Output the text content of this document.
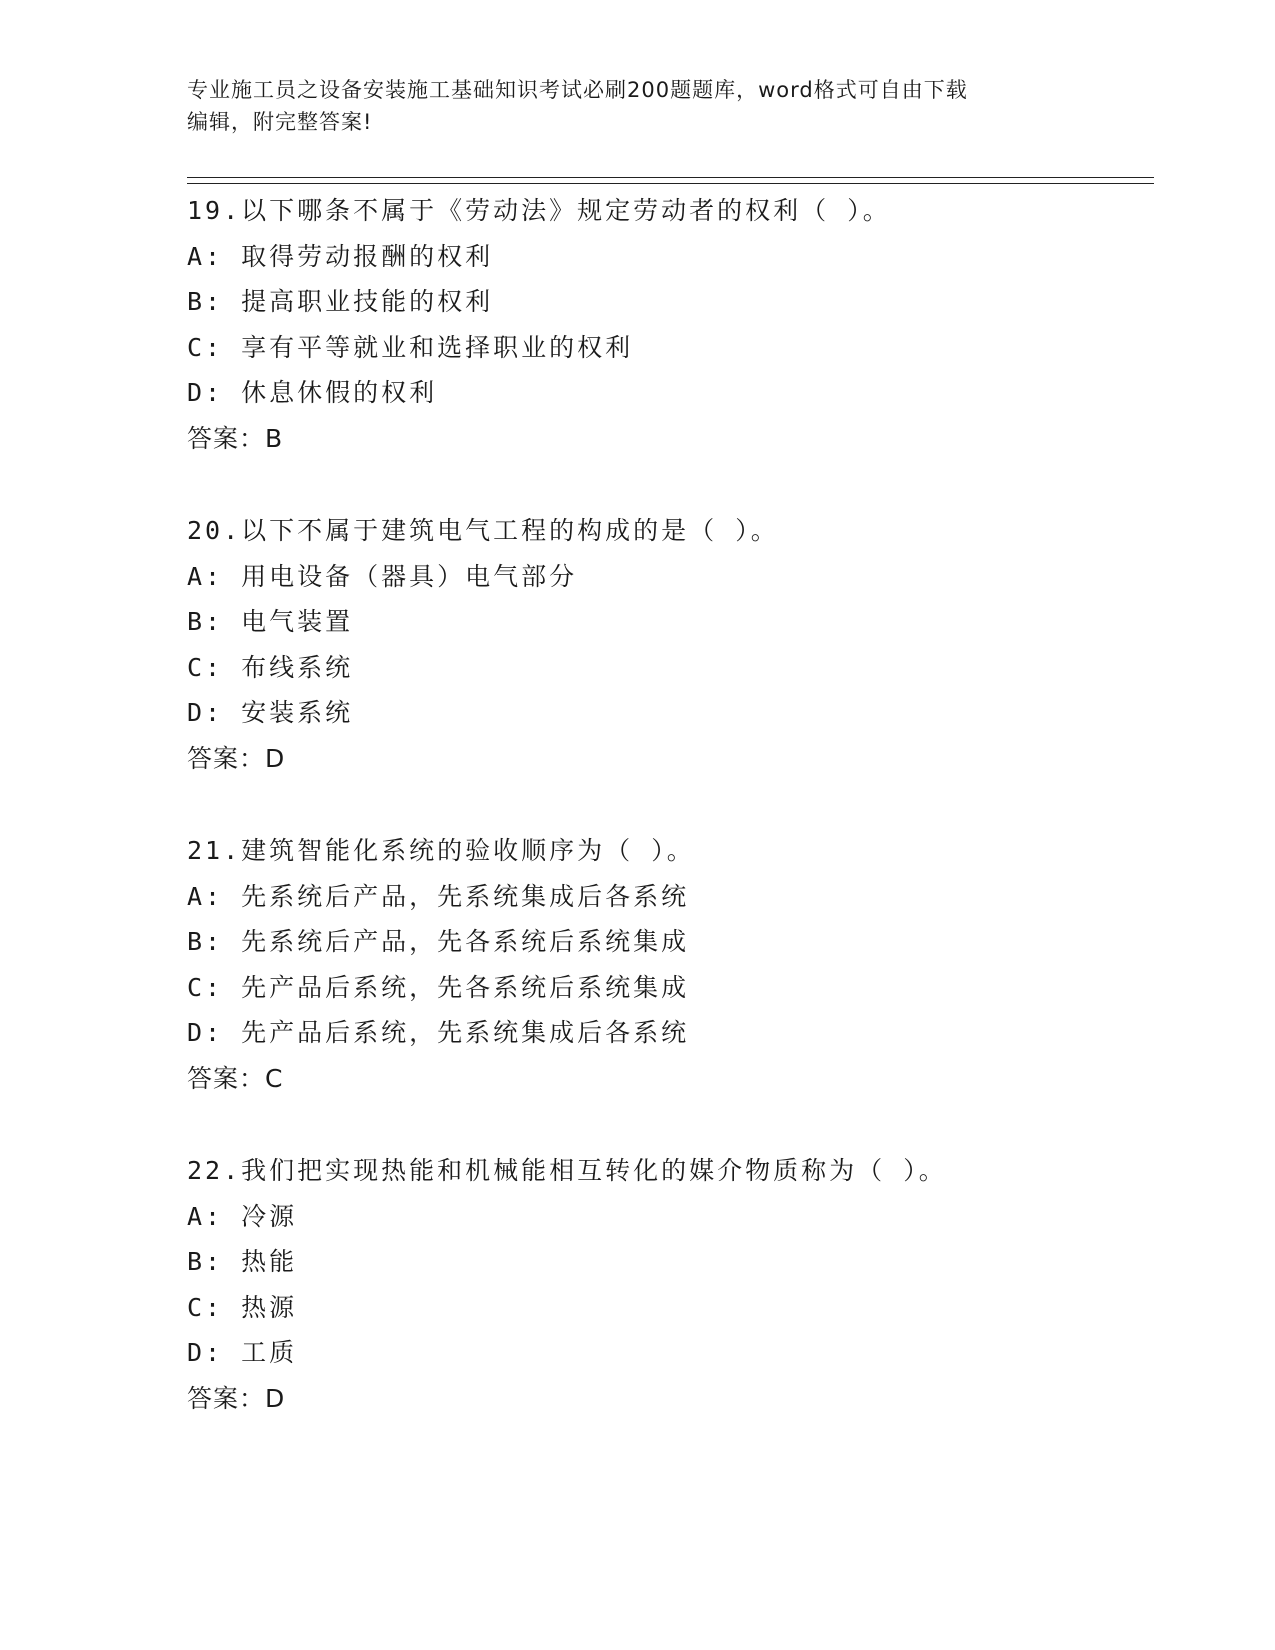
专业施工员之设备安装施工基础知识考试必刷200题题库，word格式可自由下载
编辑，附完整答案!
19.以下哪条不属于《劳动法》规定劳动者的权利（ ）。
A: 取得劳动报酬的权利
B: 提高职业技能的权利
C: 享有平等就业和选择职业的权利
D: 休息休假的权利
答案：B
20.以下不属于建筑电气工程的构成的是（ ）。
A: 用电设备（器具）电气部分
B: 电气装置
C: 布线系统
D: 安装系统
答案：D
21.建筑智能化系统的验收顺序为（ ）。
A: 先系统后产品，先系统集成后各系统
B: 先系统后产品，先各系统后系统集成
C: 先产品后系统，先各系统后系统集成
D: 先产品后系统，先系统集成后各系统
答案：C
22.我们把实现热能和机械能相互转化的媒介物质称为（ ）。
A: 冷源
B: 热能
C: 热源
D: 工质
答案：D
